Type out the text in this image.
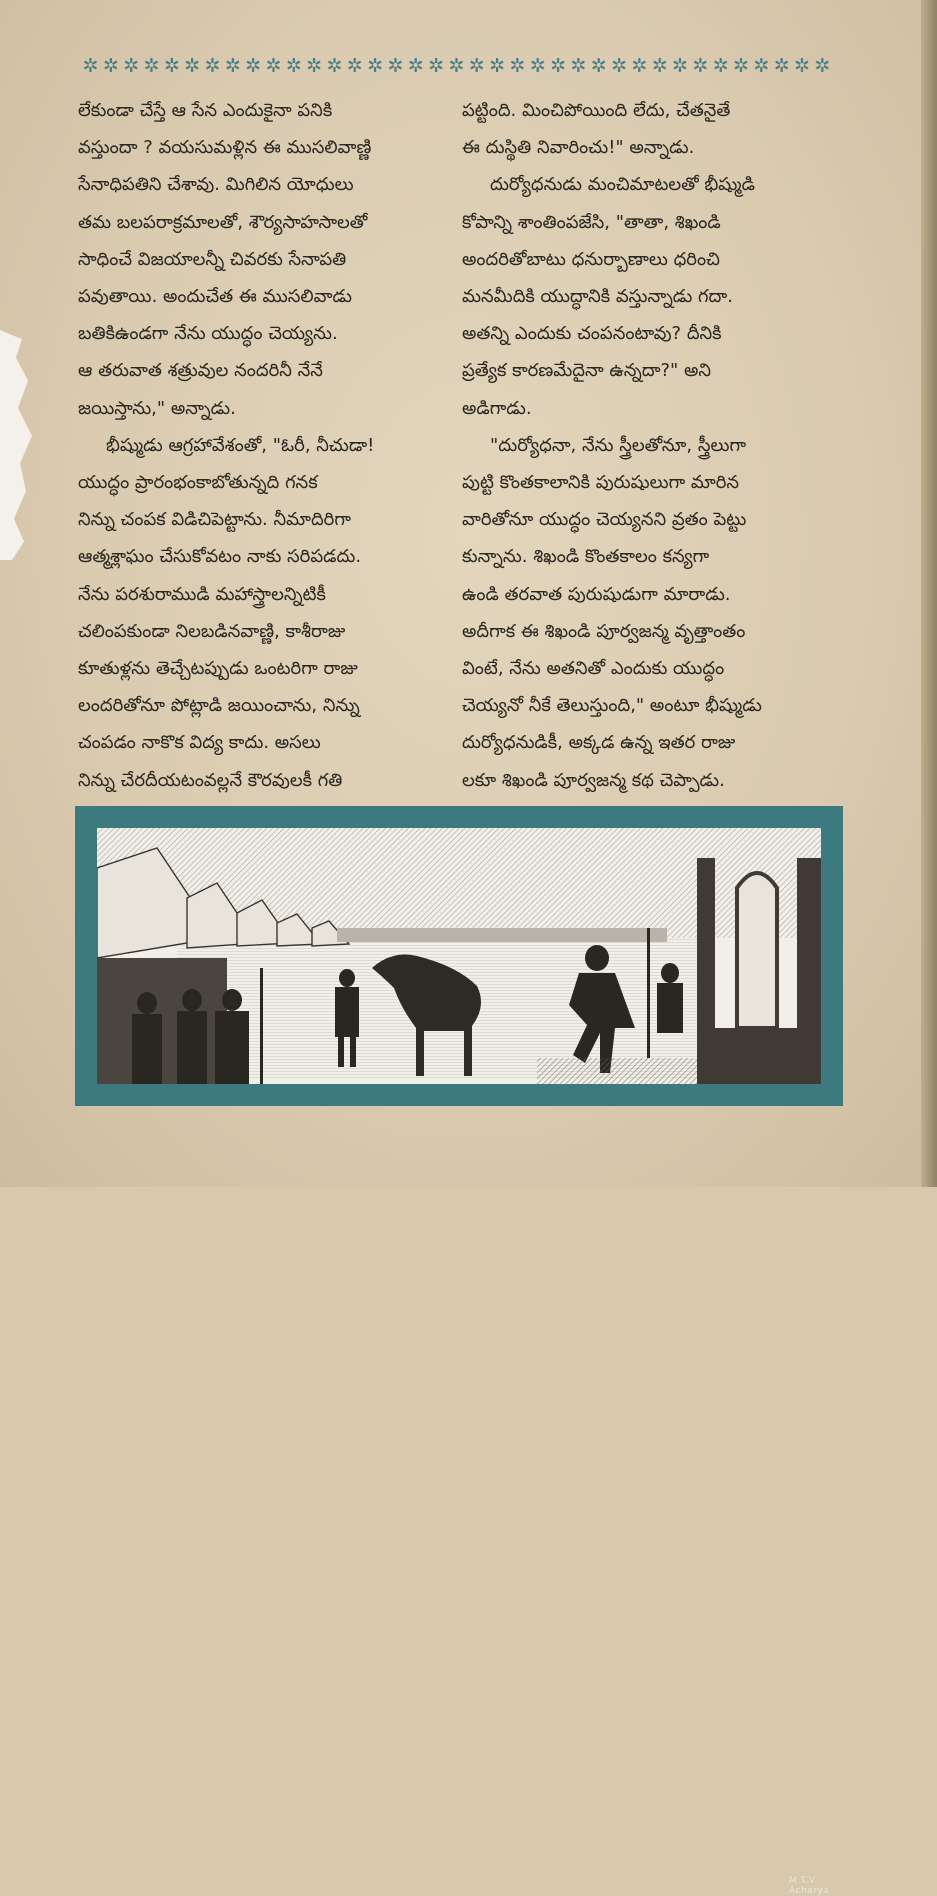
✲ ✲ ✲ ✲ ✲ ✲ ✲ ✲ ✲ ✲ ✲ ✲ ✲ ✲ ✲ ✲ ✲ ✲ ✲ ✲ ✲ ✲ ✲ ✲ ✲ ✲ ✲ ✲ ✲ ✲ ✲ ✲ ✲ ✲ ✲ ✲ ✲
లేకుండా చేస్తే ఆ సేన ఎందుకైనా పనికి
వస్తుందా ? వయసుమళ్లిన ఈ ముసలివాణ్ణి
సేనాధిపతిని చేశావు. మిగిలిన యోధులు
తమ బలపరాక్రమాలతో, శౌర్యసాహసాలతో
సాధించే విజయాలన్నీ చివరకు సేనాపతి
పవుతాయి. అందుచేత ఈ ముసలివాడు
బతికిఉండగా నేను యుద్ధం చెయ్యను.
ఆ తరువాత శత్రువుల నందరినీ నేనే
జయిస్తాను," అన్నాడు.
భీష్ముడు ఆగ్రహావేశంతో, "ఓరీ, నీచుడా!
యుద్ధం ప్రారంభంకాబోతున్నది గనక
నిన్ను చంపక విడిచిపెట్టాను. నీమాదిరిగా
ఆత్మశ్లాఘం చేసుకోవటం నాకు సరిపడదు.
నేను పరశురాముడి మహాస్త్రాలన్నిటికీ
చలింపకుండా నిలబడినవాణ్ణి, కాశీరాజు
కూతుళ్లను తెచ్చేటప్పుడు ఒంటరిగా రాజు
లందరితోనూ పోట్లాడి జయించాను, నిన్ను
చంపడం నాకొక విద్య కాదు. అసలు
నిన్ను చేరదీయటంవల్లనే కౌరవులకీ గతి
పట్టింది. మించిపోయింది లేదు, చేతనైతే
ఈ దుస్థితి నివారించు!" అన్నాడు.
దుర్యోధనుడు మంచిమాటలతో భీష్ముడి
కోపాన్ని శాంతింపజేసి, "తాతా, శిఖండి
అందరితోబాటు ధనుర్బాణాలు ధరించి
మనమీదికి యుద్ధానికి వస్తున్నాడు గదా.
అతన్ని ఎందుకు చంపనంటావు? దీనికి
ప్రత్యేక కారణమేదైనా ఉన్నదా?" అని
అడిగాడు.
"దుర్యోధనా, నేను స్త్రీలతోనూ, స్త్రీలుగా
పుట్టి కొంతకాలానికి పురుషులుగా మారిన
వారితోనూ యుద్ధం చెయ్యనని వ్రతం పెట్టు
కున్నాను. శిఖండి కొంతకాలం కన్యగా
ఉండి తరవాత పురుషుడుగా మారాడు.
అదీగాక ఈ శిఖండి పూర్వజన్మ వృత్తాంతం
వింటే, నేను అతనితో ఎందుకు యుద్ధం
చెయ్యనో నీకే తెలుస్తుంది," అంటూ భీష్ముడు
దుర్యోధనుడికీ, అక్కడ ఉన్న ఇతర రాజు
లకూ శిఖండి పూర్వజన్మ కథ చెప్పాడు.
M.T.V. Acharya
